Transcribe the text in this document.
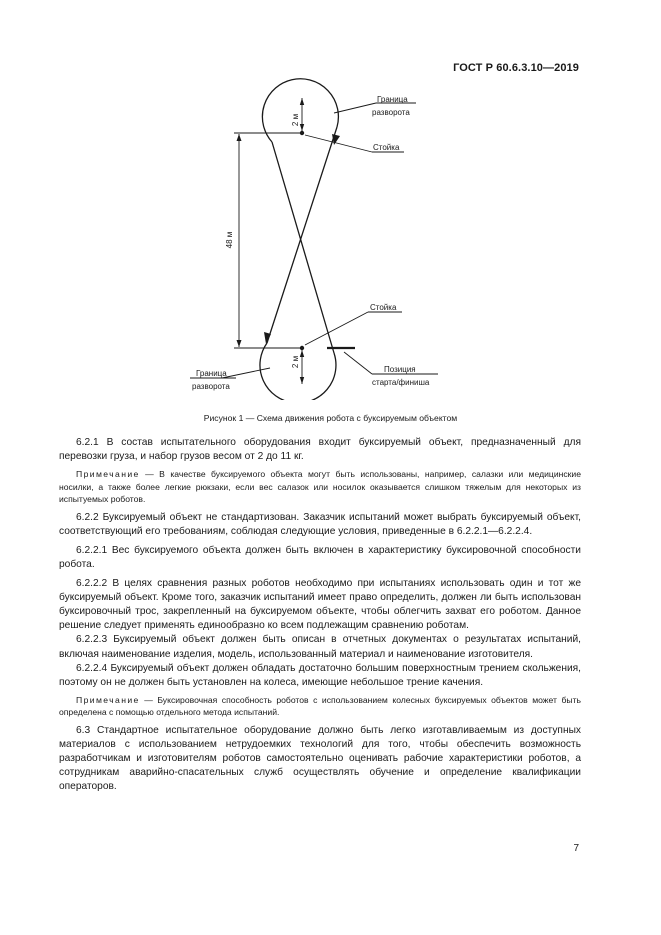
ГОСТ Р 60.6.3.10—2019
Граница
разворота
Стойка
48 м
2 м
Стойка
2 м
Позиция
старта/финиша
Граница
разворота
Рисунок 1 — Схема движения робота с буксируемым объектом

6.2.1 В состав испытательного оборудования входит буксируемый объект, предназначенный для перевозки груза, и набор грузов весом от 2 до 11 кг.

Примечание — В качестве буксируемого объекта могут быть использованы, например, салазки или медицинские носилки, а также более легкие рюкзаки, если вес салазок или носилок оказывается слишком тяжелым для некоторых из испытуемых роботов.

6.2.2 Буксируемый объект не стандартизован. Заказчик испытаний может выбрать буксируемый объект, соответствующий его требованиям, соблюдая следующие условия, приведенные в 6.2.2.1—6.2.2.4.

6.2.2.1 Вес буксируемого объекта должен быть включен в характеристику буксировочной способности робота.

6.2.2.2 В целях сравнения разных роботов необходимо при испытаниях использовать один и тот же буксируемый объект. Кроме того, заказчик испытаний имеет право определить, должен ли быть использован буксировочный трос, закрепленный на буксируемом объекте, чтобы облегчить захват его роботом. Данное решение следует применять единообразно ко всем подлежащим сравнению роботам.

6.2.2.3 Буксируемый объект должен быть описан в отчетных документах о результатах испытаний, включая наименование изделия, модель, использованный материал и наименование изготовителя.

6.2.2.4 Буксируемый объект должен обладать достаточно большим поверхностным трением скольжения, поэтому он не должен быть установлен на колеса, имеющие небольшое трение качения.

Примечание — Буксировочная способность роботов с использованием колесных буксируемых объектов может быть определена с помощью отдельного метода испытаний.

6.3 Стандартное испытательное оборудование должно быть легко изготавливаемым из доступных материалов с использованием нетрудоемких технологий для того, чтобы обеспечить возможность разработчикам и изготовителям роботов самостоятельно оценивать рабочие характеристики роботов, а сотрудникам аварийно-спасательных служб осуществлять обучение и определение квалификации операторов.

7
